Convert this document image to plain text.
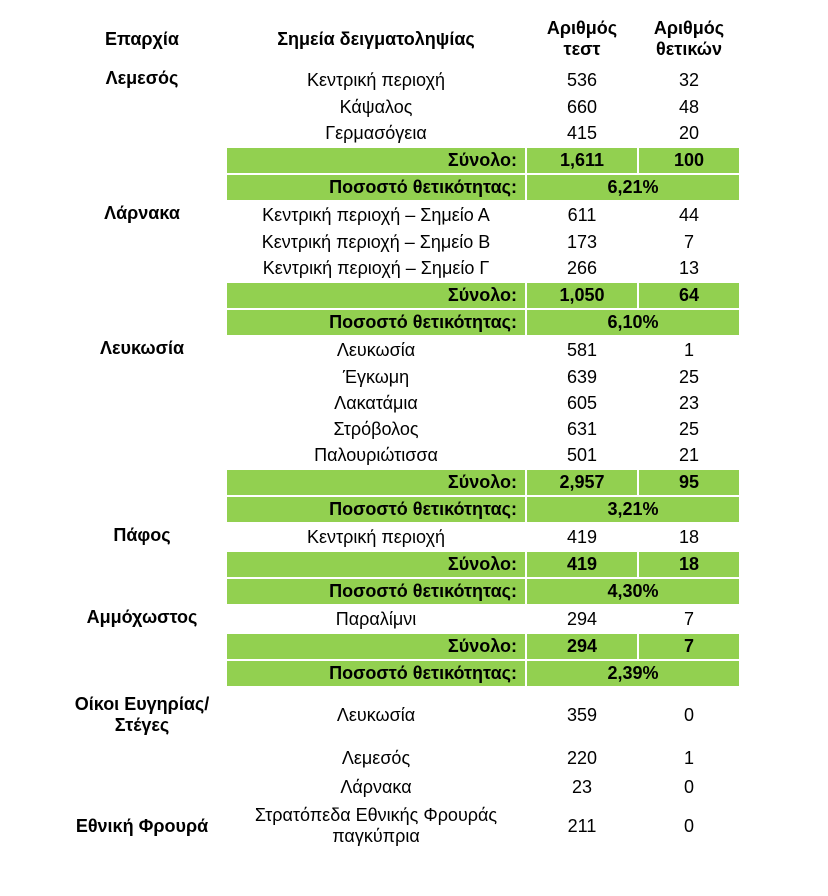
Επαρχία	Σημεία δειγματοληψίας	Αριθμός τεστ	Αριθμός θετικών
Λεμεσός	Κεντρική περιοχή	536	32
	Κάψαλος	660	48
	Γερμασόγεια	415	20
	Σύνολο:	1,611	100
	Ποσοστό θετικότητας:	6,21%	
Λάρνακα	Κεντρική περιοχή – Σημείο Α	611	44
	Κεντρική περιοχή – Σημείο Β	173	7
	Κεντρική περιοχή – Σημείο Γ	266	13
	Σύνολο:	1,050	64
	Ποσοστό θετικότητας:	6,10%	
Λευκωσία	Λευκωσία	581	1
	Έγκωμη	639	25
	Λακατάμια	605	23
	Στρόβολος	631	25
	Παλουριώτισσα	501	21
	Σύνολο:	2,957	95
	Ποσοστό θετικότητας:	3,21%	
Πάφος	Κεντρική περιοχή	419	18
	Σύνολο:	419	18
	Ποσοστό θετικότητας:	4,30%	
Αμμόχωστος	Παραλίμνι	294	7
	Σύνολο:	294	7
	Ποσοστό θετικότητας:	2,39%	
Οίκοι Ευγηρίας/ Στέγες	Λευκωσία	359	0
	Λεμεσός	220	1
	Λάρνακα	23	0
Εθνική Φρουρά	Στρατόπεδα Εθνικής Φρουράς παγκύπρια	211	0
